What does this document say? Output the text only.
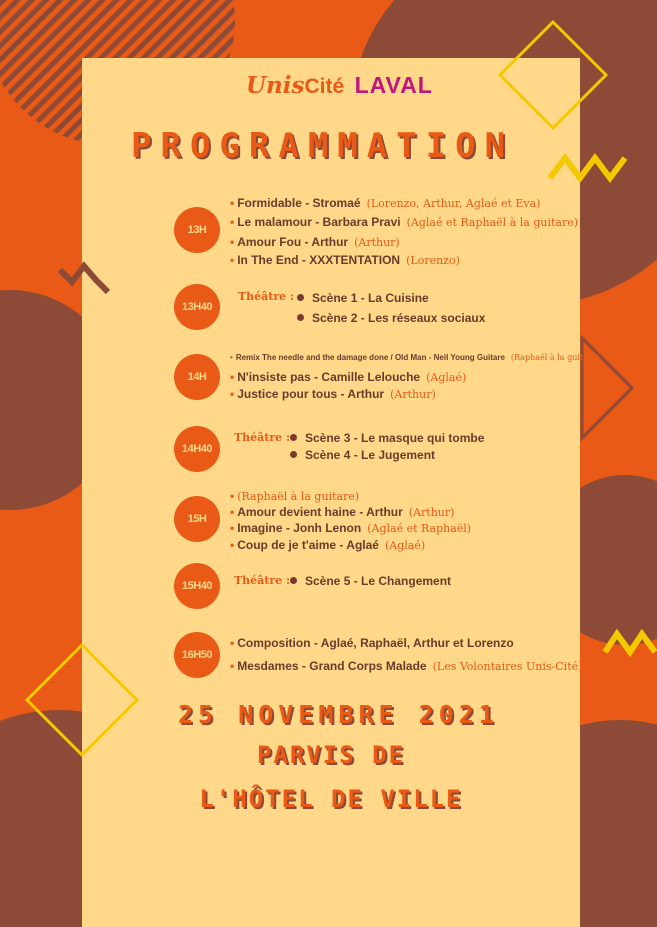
UnisCité LAVAL
PROGRAMMATION
13H
• Formidable - Stromaé (Lorenzo, Arthur, Aglaé et Eva)
• Le malamour - Barbara Pravi (Aglaé et Raphaël à la guitare)
• Amour Fou - Arthur (Arthur)
• In The End - XXXTENTATION (Lorenzo)
13H40
Théâtre :	Scène 1 - La Cuisine
Scène 2 - Les réseaux sociaux
14H
• Remix The needle and the damage done / Old Man - Neil Young Guitare (Raphaël à la guitare)
• N'insiste pas - Camille Lelouche (Aglaé)
• Justice pour tous - Arthur (Arthur)
14H40
Théâtre :	Scène 3 - Le masque qui tombe
Scène 4 - Le Jugement
15H
• (Raphaël à la guitare)
• Amour devient haine - Arthur (Arthur)
• Imagine - Jonh Lenon (Aglaé et Raphaël)
• Coup de je t'aime - Aglaé (Aglaé)
15H40	Théâtre :	Scène 5 - Le Changement
16H50
• Composition - Aglaé, Raphaël, Arthur et Lorenzo
• Mesdames - Grand Corps Malade (Les Volontaires Unis-Cité)
25 NOVEMBRE 2021
PARVIS DE
L'HÔTEL DE VILLE
